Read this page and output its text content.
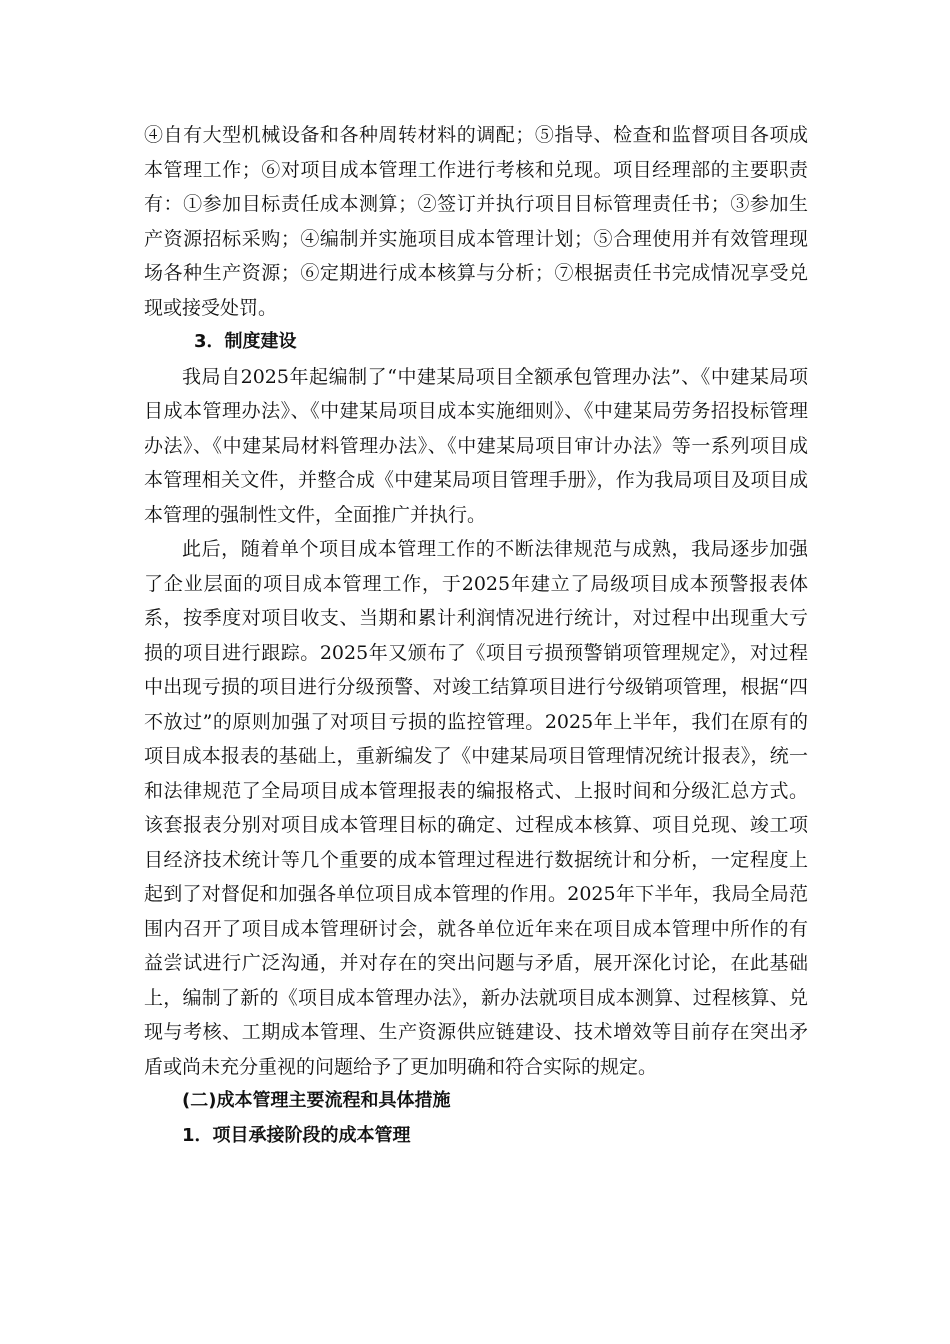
④自有大型机械设备和各种周转材料的调配；⑤指导、检查和监督项目各项成本管理工作；⑥对项目成本管理工作进行考核和兑现。项目经理部的主要职责有：①参加目标责任成本测算；②签订并执行项目目标管理责任书；③参加生产资源招标采购；④编制并实施项目成本管理计划；⑤合理使用并有效管理现场各种生产资源；⑥定期进行成本核算与分析；⑦根据责任书完成情况享受兑现或接受处罚。

3．制度建设

我局自2025年起编制了“中建某局项目全额承包管理办法”、《中建某局项目成本管理办法》、《中建某局项目成本实施细则》、《中建某局劳务招投标管理办法》、《中建某局材料管理办法》、《中建某局项目审计办法》等一系列项目成本管理相关文件，并整合成《中建某局项目管理手册》，作为我局项目及项目成本管理的强制性文件，全面推广并执行。

此后，随着单个项目成本管理工作的不断法律规范与成熟，我局逐步加强了企业层面的项目成本管理工作，于2025年建立了局级项目成本预警报表体系，按季度对项目收支、当期和累计利润情况进行统计，对过程中出现重大亏损的项目进行跟踪。2025年又颁布了《项目亏损预警销项管理规定》，对过程中出现亏损的项目进行分级预警、对竣工结算项目进行兮级销项管理，根据“四不放过”的原则加强了对项目亏损的监控管理。2025年上半年，我们在原有的项目成本报表的基础上，重新编发了《中建某局项目管理情况统计报表》，统一和法律规范了全局项目成本管理报表的编报格式、上报时间和分级汇总方式。该套报表分别对项目成本管理目标的确定、过程成本核算、项目兑现、竣工项目经济技术统计等几个重要的成本管理过程进行数据统计和分析，一定程度上起到了对督促和加强各单位项目成本管理的作用。2025年下半年，我局全局范围内召开了项目成本管理研讨会，就各单位近年来在项目成本管理中所作的有益尝试进行广泛沟通，并对存在的突出问题与矛盾，展开深化讨论，在此基础上，编制了新的《项目成本管理办法》，新办法就项目成本测算、过程核算、兑现与考核、工期成本管理、生产资源供应链建设、技术增效等目前存在突出矛盾或尚未充分重视的问题给予了更加明确和符合实际的规定。

(二)成本管理主要流程和具体措施

1．项目承接阶段的成本管理
